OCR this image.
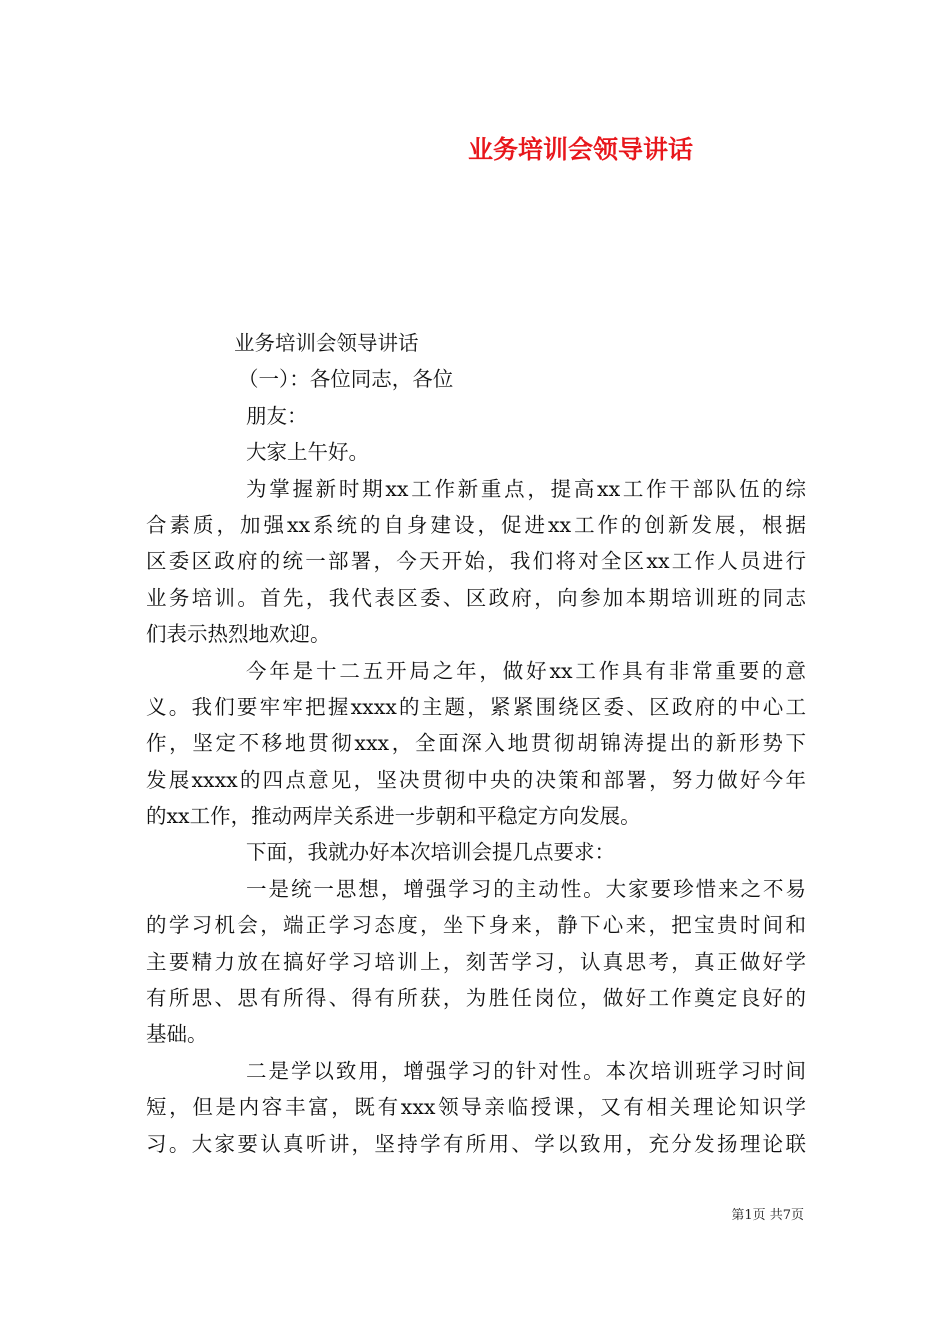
业务培训会领导讲话
业务培训会领导讲话
（一）：各位同志，各位
朋友：
大家上午好。
为掌握新时期xx工作新重点，提高xx工作干部队伍的综
合素质，加强xx系统的自身建设，促进xx工作的创新发展，根据
区委区政府的统一部署，今天开始，我们将对全区xx工作人员进行
业务培训。首先，我代表区委、区政府，向参加本期培训班的同志
们表示热烈地欢迎。
今年是十二五开局之年，做好xx工作具有非常重要的意
义。我们要牢牢把握xxxx的主题，紧紧围绕区委、区政府的中心工
作，坚定不移地贯彻xxx，全面深入地贯彻胡锦涛提出的新形势下
发展xxxx的四点意见，坚决贯彻中央的决策和部署，努力做好今年
的xx工作，推动两岸关系进一步朝和平稳定方向发展。
下面，我就办好本次培训会提几点要求：
一是统一思想，增强学习的主动性。大家要珍惜来之不易
的学习机会，端正学习态度，坐下身来，静下心来，把宝贵时间和
主要精力放在搞好学习培训上，刻苦学习，认真思考，真正做好学
有所思、思有所得、得有所获，为胜任岗位，做好工作奠定良好的
基础。
二是学以致用，增强学习的针对性。本次培训班学习时间
短，但是内容丰富，既有xxx领导亲临授课，又有相关理论知识学
习。大家要认真听讲，坚持学有所用、学以致用，充分发扬理论联
第1页 共7页
